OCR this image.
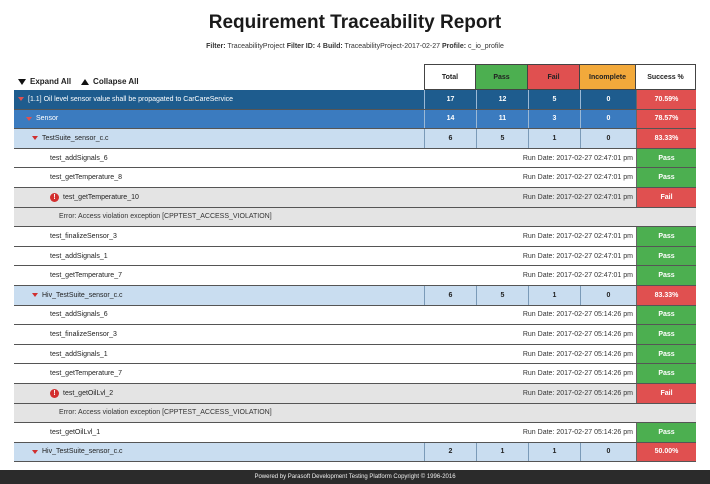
Requirement Traceability Report
Filter: TraceabilityProject Filter ID: 4 Build: TraceabilityProject-2017-02-27 Profile: c_io_profile
Expand All	Collapse All	Total	Pass	Fail	Incomplete	Success %
[1.1] Oil level sensor value shall be propagated to CarCareService	17	12	5	0	70.59%
Sensor	14	11	3	0	78.57%
TestSuite_sensor_c.c	6	5	1	0	83.33%
test_addSignals_6	Run Date: 2017-02-27 02:47:01 pm	Pass
test_getTemperature_8	Run Date: 2017-02-27 02:47:01 pm	Pass
!	test_getTemperature_10	Run Date: 2017-02-27 02:47:01 pm	Fail
Error: Access violation exception [CPPTEST_ACCESS_VIOLATION]
test_finalizeSensor_3	Run Date: 2017-02-27 02:47:01 pm	Pass
test_addSignals_1	Run Date: 2017-02-27 02:47:01 pm	Pass
test_getTemperature_7	Run Date: 2017-02-27 02:47:01 pm	Pass
Hiv_TestSuite_sensor_c.c	6	5	1	0	83.33%
test_addSignals_6	Run Date: 2017-02-27 05:14:26 pm	Pass
test_finalizeSensor_3	Run Date: 2017-02-27 05:14:26 pm	Pass
test_addSignals_1	Run Date: 2017-02-27 05:14:26 pm	Pass
test_getTemperature_7	Run Date: 2017-02-27 05:14:26 pm	Pass
!	test_getOilLvl_2	Run Date: 2017-02-27 05:14:26 pm	Fail
Error: Access violation exception [CPPTEST_ACCESS_VIOLATION]
test_getOilLvl_1	Run Date: 2017-02-27 05:14:26 pm	Pass
Hiv_TestSuite_sensor_c.c	2	1	1	0	50.00%
Powered by Parasoft Development Testing Platform Copyright © 1996-2016
